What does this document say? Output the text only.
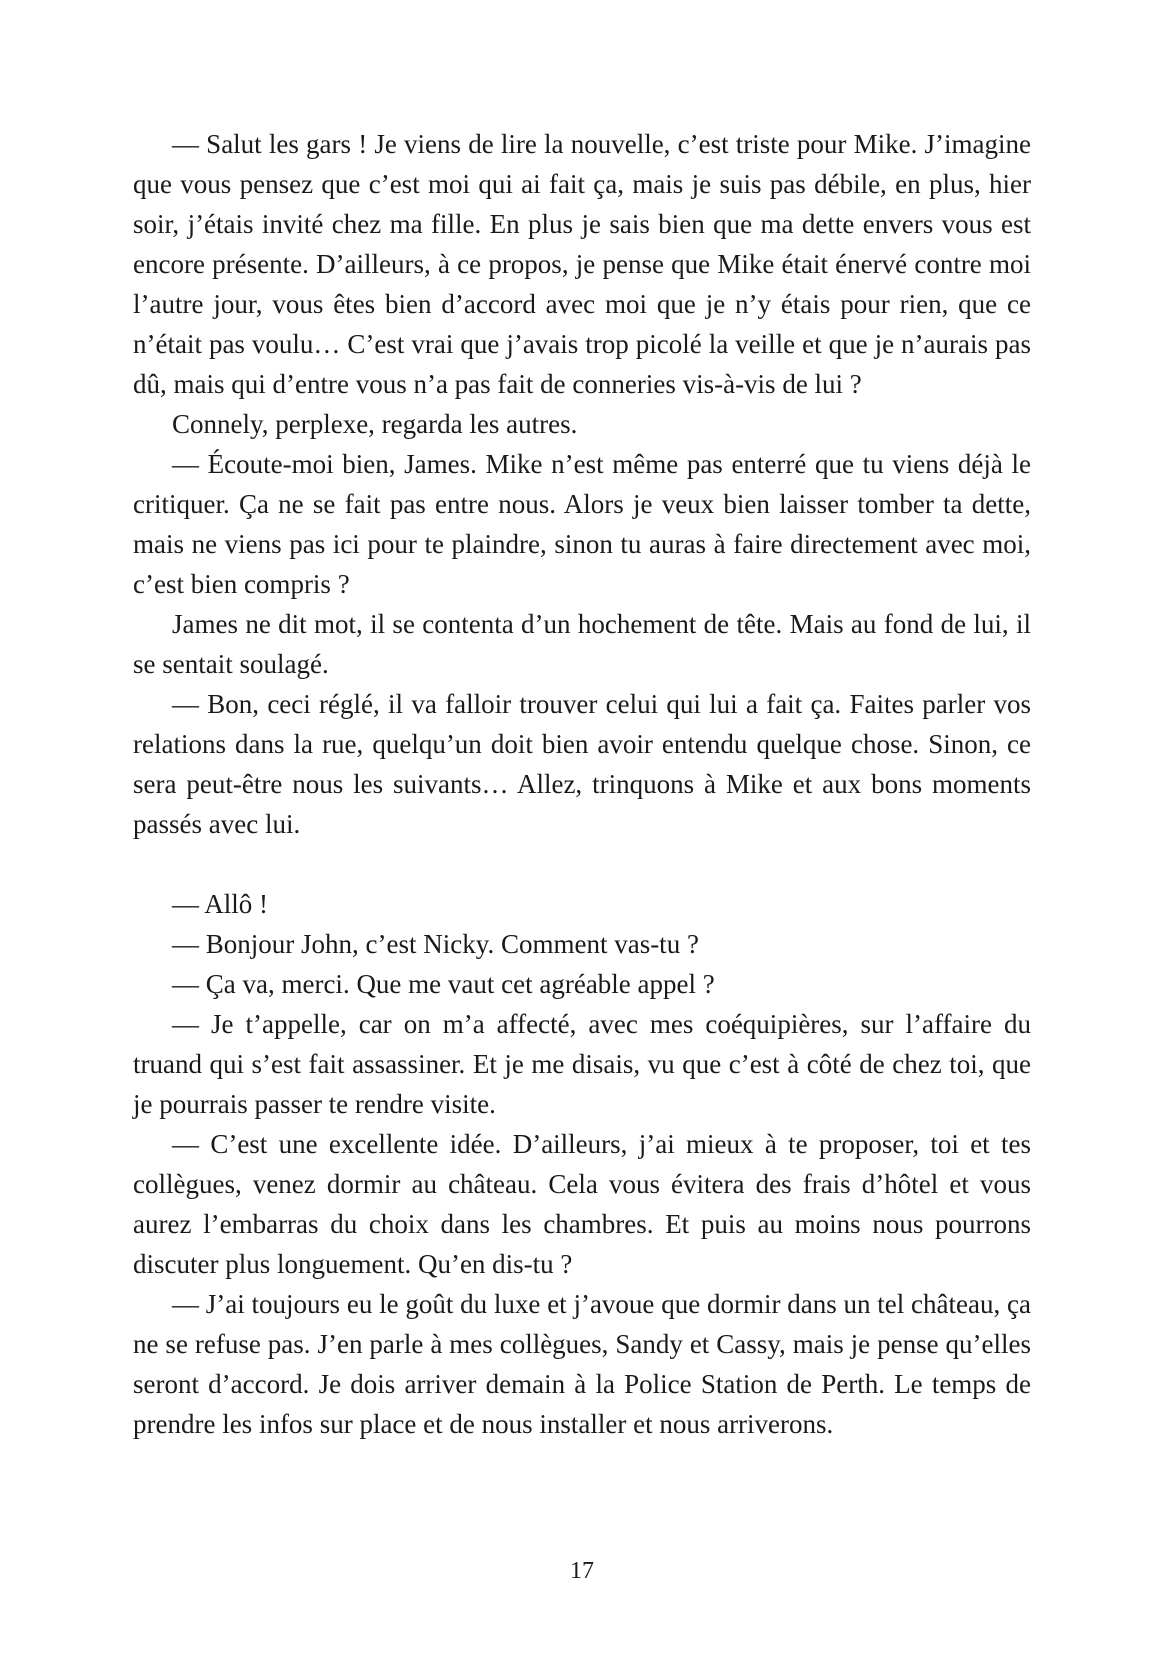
— Salut les gars ! Je viens de lire la nouvelle, c’est triste pour Mike. J’imagine que vous pensez que c’est moi qui ai fait ça, mais je suis pas débile, en plus, hier soir, j’étais invité chez ma fille. En plus je sais bien que ma dette envers vous est encore présente. D’ailleurs, à ce propos, je pense que Mike était énervé contre moi l’autre jour, vous êtes bien d’accord avec moi que je n’y étais pour rien, que ce n’était pas voulu… C’est vrai que j’avais trop picolé la veille et que je n’aurais pas dû, mais qui d’entre vous n’a pas fait de conneries vis-à-vis de lui ?

Connely, perplexe, regarda les autres.

— Écoute-moi bien, James. Mike n’est même pas enterré que tu viens déjà le critiquer. Ça ne se fait pas entre nous. Alors je veux bien laisser tomber ta dette, mais ne viens pas ici pour te plaindre, sinon tu auras à faire directement avec moi, c’est bien compris ?

James ne dit mot, il se contenta d’un hochement de tête. Mais au fond de lui, il se sentait soulagé.

— Bon, ceci réglé, il va falloir trouver celui qui lui a fait ça. Faites parler vos relations dans la rue, quelqu’un doit bien avoir entendu quelque chose. Sinon, ce sera peut-être nous les suivants… Allez, trinquons à Mike et aux bons moments passés avec lui.

— Allô !

— Bonjour John, c’est Nicky. Comment vas-tu ?

— Ça va, merci. Que me vaut cet agréable appel ?

— Je t’appelle, car on m’a affecté, avec mes coéquipières, sur l’affaire du truand qui s’est fait assassiner. Et je me disais, vu que c’est à côté de chez toi, que je pourrais passer te rendre visite.

— C’est une excellente idée. D’ailleurs, j’ai mieux à te proposer, toi et tes collègues, venez dormir au château. Cela vous évitera des frais d’hôtel et vous aurez l’embarras du choix dans les chambres. Et puis au moins nous pourrons discuter plus longuement. Qu’en dis-tu ?

— J’ai toujours eu le goût du luxe et j’avoue que dormir dans un tel château, ça ne se refuse pas. J’en parle à mes collègues, Sandy et Cassy, mais je pense qu’elles seront d’accord. Je dois arriver demain à la Police Station de Perth. Le temps de prendre les infos sur place et de nous installer et nous arriverons.

17
